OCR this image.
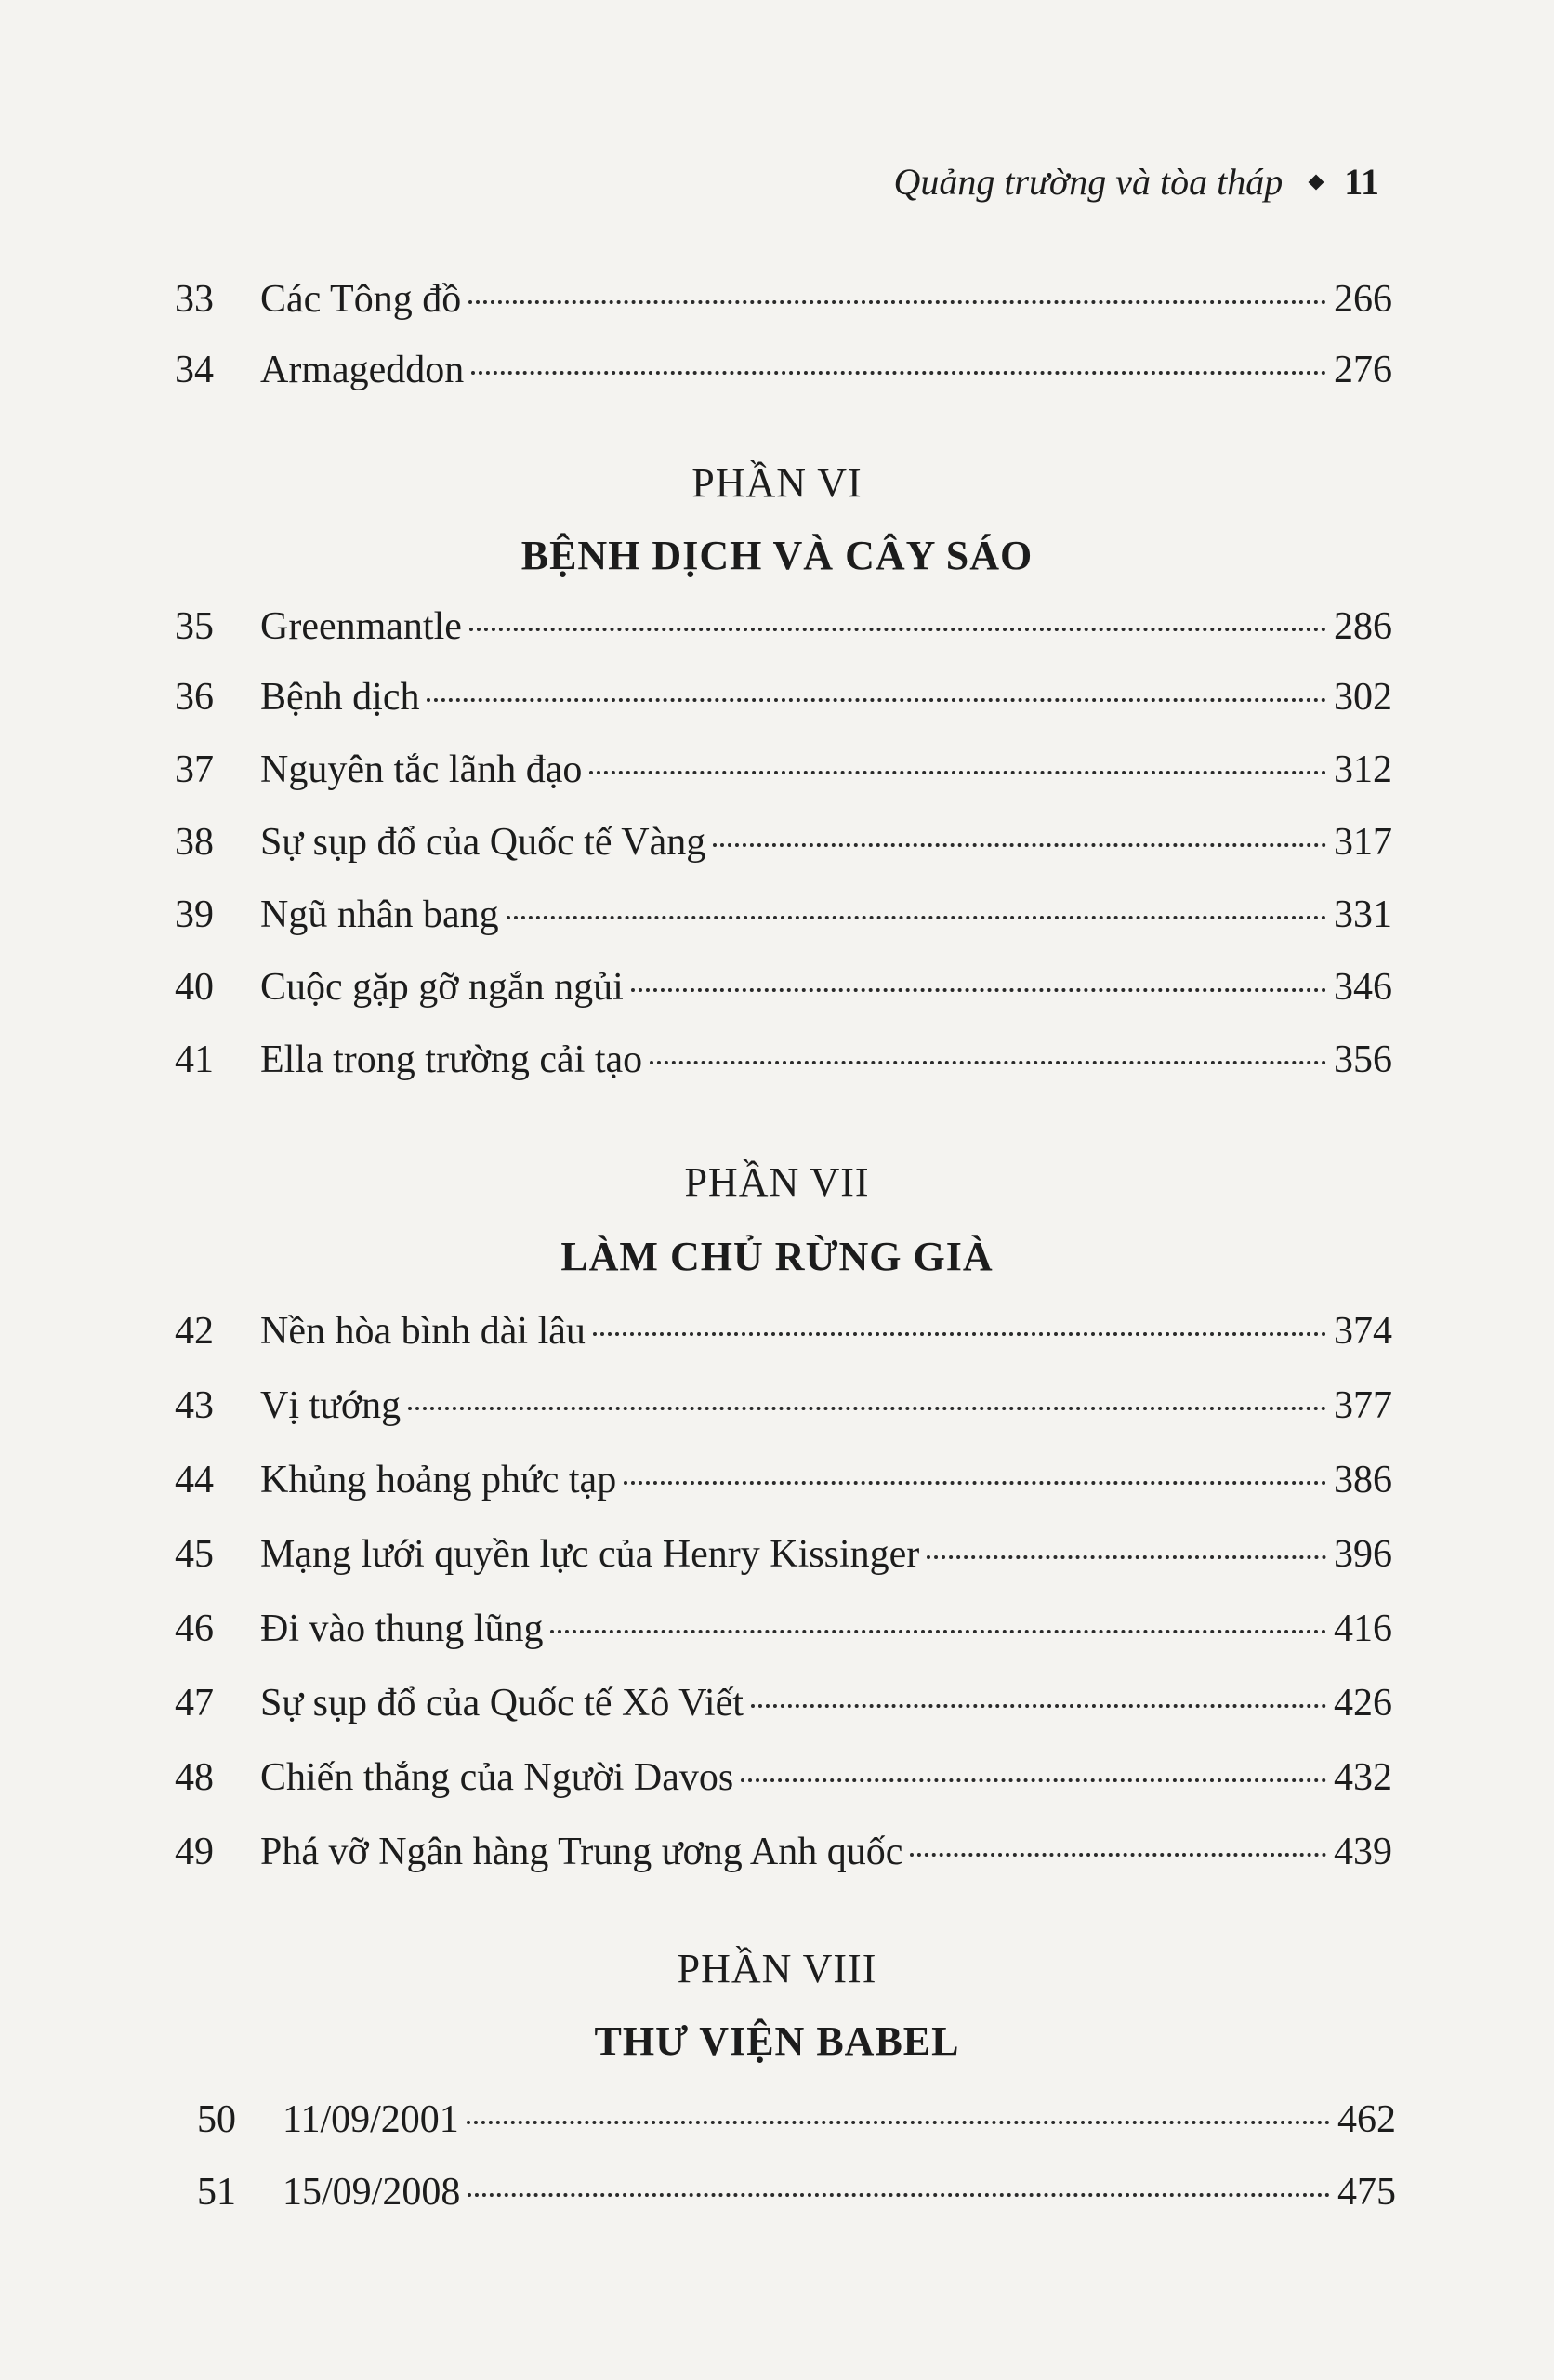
Quảng trường và tòa tháp 11
33	Các Tông đồ	266
34	Armageddon	276
PHẦN VI
BỆNH DỊCH VÀ CÂY SÁO
35	Greenmantle	286
36	Bệnh dịch	302
37	Nguyên tắc lãnh đạo	312
38	Sự sụp đổ của Quốc tế Vàng	317
39	Ngũ nhân bang	331
40	Cuộc gặp gỡ ngắn ngủi	346
41	Ella trong trường cải tạo	356
PHẦN VII
LÀM CHỦ RỪNG GIÀ
42	Nền hòa bình dài lâu	374
43	Vị tướng	377
44	Khủng hoảng phức tạp	386
45	Mạng lưới quyền lực của Henry Kissinger	396
46	Đi vào thung lũng	416
47	Sự sụp đổ của Quốc tế Xô Viết	426
48	Chiến thắng của Người Davos	432
49	Phá vỡ Ngân hàng Trung ương Anh quốc	439
PHẦN VIII
THƯ VIỆN BABEL
50	11/09/2001	462
51	15/09/2008	475
